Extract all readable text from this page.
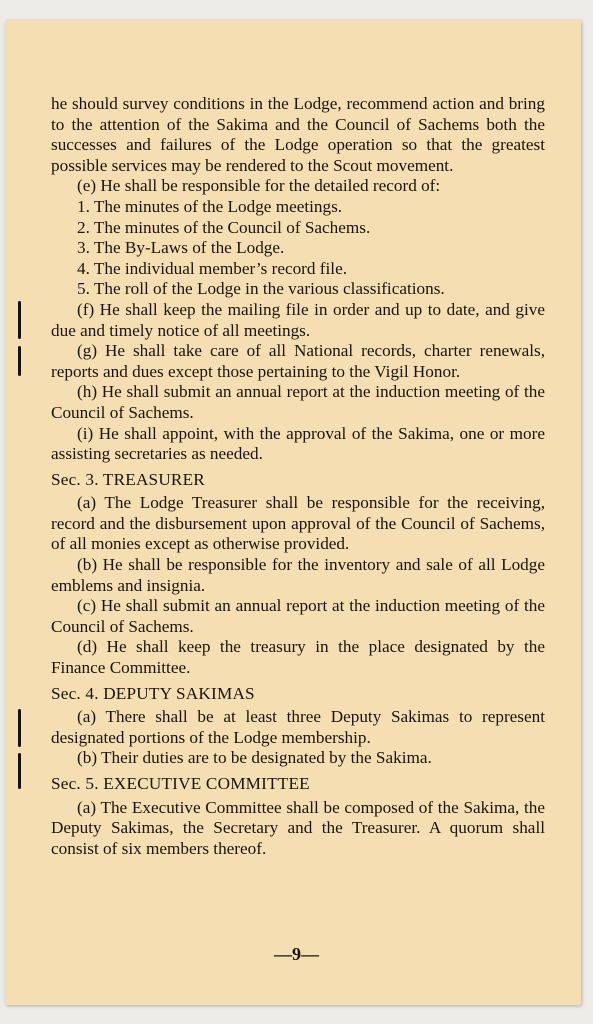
he should survey conditions in the Lodge, recommend action and bring to the attention of the Sakima and the Council of Sachems both the successes and failures of the Lodge operation so that the greatest possible services may be rendered to the Scout movement.

(e) He shall be responsible for the detailed record of:

1. The minutes of the Lodge meetings.

2. The minutes of the Council of Sachems.

3. The By-Laws of the Lodge.

4. The individual member’s record file.

5. The roll of the Lodge in the various classifications.

(f) He shall keep the mailing file in order and up to date, and give due and timely notice of all meetings.

(g) He shall take care of all National records, charter renewals, reports and dues except those pertaining to the Vigil Honor.

(h) He shall submit an annual report at the induction meeting of the Council of Sachems.

(i) He shall appoint, with the approval of the Sakima, one or more assisting secretaries as needed.

Sec. 3. TREASURER

(a) The Lodge Treasurer shall be responsible for the receiving, record and the disbursement upon approval of the Council of Sachems, of all monies except as otherwise provided.

(b) He shall be responsible for the inventory and sale of all Lodge emblems and insignia.

(c) He shall submit an annual report at the induction meeting of the Council of Sachems.

(d) He shall keep the treasury in the place designated by the Finance Committee.

Sec. 4. DEPUTY SAKIMAS

(a) There shall be at least three Deputy Sakimas to represent designated portions of the Lodge membership.

(b) Their duties are to be designated by the Sakima.

Sec. 5. EXECUTIVE COMMITTEE

(a) The Executive Committee shall be composed of the Sakima, the Deputy Sakimas, the Secretary and the Treasurer. A quorum shall consist of six members thereof.

—9—
